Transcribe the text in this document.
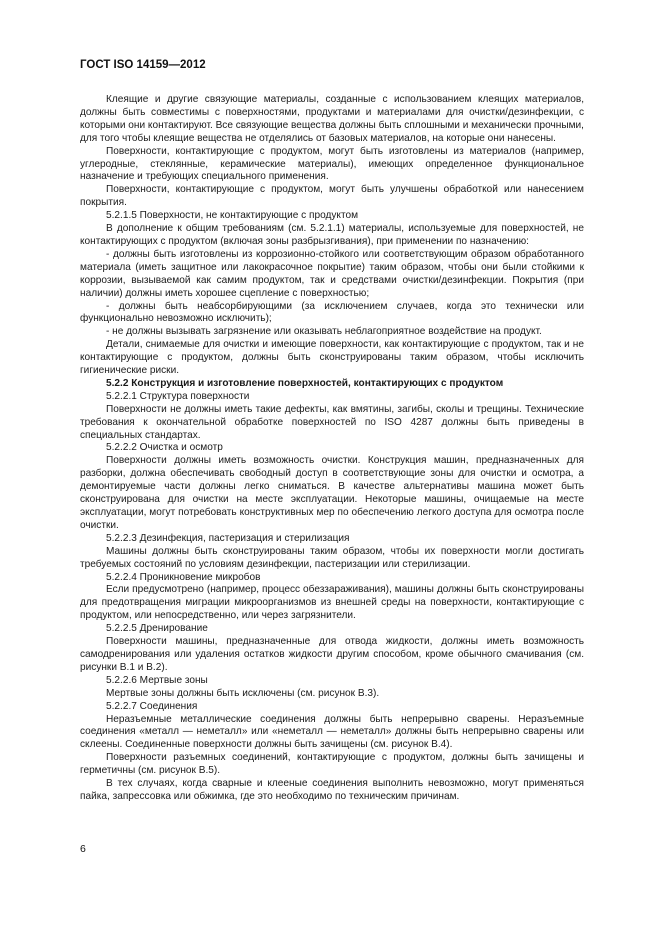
ГОСТ ISO 14159—2012

Клеящие и другие связующие материалы, созданные с использованием клеящих материалов, должны быть совместимы с поверхностями, продуктами и материалами для очистки/дезинфекции, с которыми они контактируют. Все связующие вещества должны быть сплошными и механически прочными, для того чтобы клеящие вещества не отделялись от базовых материалов, на которые они нанесены.

Поверхности, контактирующие с продуктом, могут быть изготовлены из материалов (например, углеродные, стеклянные, керамические материалы), имеющих определенное функциональное назначение и требующих специального применения.

Поверхности, контактирующие с продуктом, могут быть улучшены обработкой или нанесением покрытия.

5.2.1.5 Поверхности, не контактирующие с продуктом

В дополнение к общим требованиям (см. 5.2.1.1) материалы, используемые для поверхностей, не контактирующих с продуктом (включая зоны разбрызгивания), при применении по назначению:

- должны быть изготовлены из коррозионно-стойкого или соответствующим образом обработанного материала (иметь защитное или лакокрасочное покрытие) таким образом, чтобы они были стойкими к коррозии, вызываемой как самим продуктом, так и средствами очистки/дезинфекции. Покрытия (при наличии) должны иметь хорошее сцепление с поверхностью;

- должны быть неабсорбирующими (за исключением случаев, когда это технически или функционально невозможно исключить);

- не должны вызывать загрязнение или оказывать неблагоприятное воздействие на продукт.

Детали, снимаемые для очистки и имеющие поверхности, как контактирующие с продуктом, так и не контактирующие с продуктом, должны быть сконструированы таким образом, чтобы исключить гигиенические риски.

5.2.2 Конструкция и изготовление поверхностей, контактирующих с продуктом

5.2.2.1 Структура поверхности

Поверхности не должны иметь такие дефекты, как вмятины, загибы, сколы и трещины. Технические требования к окончательной обработке поверхностей по ISO 4287 должны быть приведены в специальных стандартах.

5.2.2.2 Очистка и осмотр

Поверхности должны иметь возможность очистки. Конструкция машин, предназначенных для разборки, должна обеспечивать свободный доступ в соответствующие зоны для очистки и осмотра, а демонтируемые части должны легко сниматься. В качестве альтернативы машина может быть сконструирована для очистки на месте эксплуатации. Некоторые машины, очищаемые на месте эксплуатации, могут потребовать конструктивных мер по обеспечению легкого доступа для осмотра после очистки.

5.2.2.3 Дезинфекция, пастеризация и стерилизация

Машины должны быть сконструированы таким образом, чтобы их поверхности могли достигать требуемых состояний по условиям дезинфекции, пастеризации или стерилизации.

5.2.2.4 Проникновение микробов

Если предусмотрено (например, процесс обеззараживания), машины должны быть сконструированы для предотвращения миграции микроорганизмов из внешней среды на поверхности, контактирующие с продуктом, или непосредственно, или через загрязнители.

5.2.2.5 Дренирование

Поверхности машины, предназначенные для отвода жидкости, должны иметь возможность самодренирования или удаления остатков жидкости другим способом, кроме обычного смачивания (см. рисунки В.1 и В.2).

5.2.2.6 Мертвые зоны

Мертвые зоны должны быть исключены (см. рисунок В.3).

5.2.2.7 Соединения

Неразъемные металлические соединения должны быть непрерывно сварены. Неразъемные соединения «металл — неметалл» или «неметалл — неметалл» должны быть непрерывно сварены или склеены. Соединенные поверхности должны быть зачищены (см. рисунок В.4).

Поверхности разъемных соединений, контактирующие с продуктом, должны быть зачищены и герметичны (см. рисунок В.5).

В тех случаях, когда сварные и клееные соединения выполнить невозможно, могут применяться пайка, запрессовка или обжимка, где это необходимо по техническим причинам.

6
